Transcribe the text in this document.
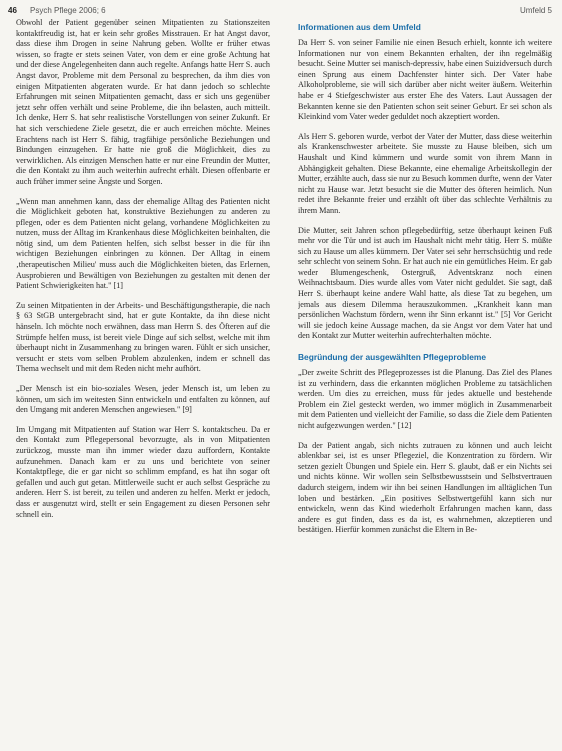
46 Psych Pflege 2006; 6	Umfeld 5

Obwohl der Patient gegenüber seinen Mitpatienten zu Stationszeiten kontaktfreudig ist, hat er kein sehr großes Misstrauen. Er hat Angst davor, dass diese ihm Drogen in seine Nahrung geben. Wollte er früher etwas wissen, so fragte er stets seinen Vater, von dem er eine große Achtung hat und der diese Angelegenheiten dann auch regelte. Anfangs hatte Herr S. auch Angst davor, Probleme mit dem Personal zu besprechen, da ihm dies von einigen Mitpatienten abgeraten wurde. Er hat dann jedoch so schlechte Erfahrungen mit seinen Mitpatienten gemacht, dass er sich uns gegenüber jetzt sehr offen verhält und seine Probleme, die ihn belasten, auch mitteilt. Ich denke, Herr S. hat sehr realistische Vorstellungen von seiner Zukunft. Er hat sich verschiedene Ziele gesetzt, die er auch erreichen möchte. Meines Erachtens nach ist Herr S. fähig, tragfähige persönliche Beziehungen und Bindungen einzugehen. Er hatte nie groß die Möglichkeit, dies zu verwirklichen. Als einzigen Menschen hatte er nur eine Freundin der Mutter, die den Kontakt zu ihm auch weiterhin aufrecht erhält. Diesen offenbarte er auch früher immer seine Ängste und Sorgen.

„Wenn man annehmen kann, dass der ehemalige Alltag des Patienten nicht die Möglichkeit geboten hat, konstruktive Beziehungen zu anderen zu pflegen, oder es dem Patienten nicht gelang, vorhandene Möglichkeiten zu nutzen, muss der Alltag im Krankenhaus diese Möglichkeiten beinhalten, die nötig sind, um dem Patienten helfen, sich selbst besser in die für ihn wichtigen Beziehungen einbringen zu können. Der Alltag in einem ‚therapeutischen Milieu' muss auch die Möglichkeiten bieten, das Erlernen, Ausprobieren und Bewältigen von Beziehungen zu gestalten mit denen der Patient Schwierigkeiten hat." [1]

Zu seinen Mitpatienten in der Arbeits- und Beschäftigungstherapie, die nach § 63 StGB untergebracht sind, hat er gute Kontakte, da ihn diese nicht hänseln. Ich möchte noch erwähnen, dass man Herrn S. des Öfteren auf die Strümpfe helfen muss, ist bereit viele Dinge auf sich selbst, welche mit ihm überhaupt nicht in Zusammenhang zu bringen waren. Fühlt er sich unsicher, versucht er stets vom selben Problem abzulenken, indem er schnell das Thema wechselt und mit dem Reden nicht mehr aufhört.

„Der Mensch ist ein bio-soziales Wesen, jeder Mensch ist, um leben zu können, um sich im weitesten Sinn entwickeln und entfalten zu können, auf den Umgang mit anderen Menschen angewiesen." [9]

Im Umgang mit Mitpatienten auf Station war Herr S. kontaktscheu. Da er den Kontakt zum Pflegepersonal bevorzugte, als in von Mitpatienten zurückzog, musste man ihn immer wieder dazu auffordern, Kontakte aufzunehmen. Danach kam er zu uns und berichtete von seiner Kontaktpflege, die er gar nicht so schlimm empfand, es hat ihn sogar oft gefallen und auch gut getan. Mittlerweile sucht er auch selbst Gespräche zu anderen. Herr S. ist bereit, zu teilen und anderen zu helfen. Merkt er jedoch, dass er ausgenutzt wird, stellt er sein Engagement zu diesen Personen sehr schnell ein.

Informationen aus dem Umfeld

Da Herr S. von seiner Familie nie einen Besuch erhielt, konnte ich weitere Informationen nur von einem Bekannten erhalten, der ihn regelmäßig besucht. Seine Mutter sei manisch-depressiv, habe einen Suizidversuch durch einen Sprung aus einem Dachfenster hinter sich. Der Vater habe Alkoholprobleme, sie will sich darüber aber nicht weiter äußern. Weiterhin habe er 4 Stiefgeschwister aus erster Ehe des Vaters. Laut Aussagen der Bekannten kenne sie den Patienten schon seit seiner Geburt. Er sei schon als Kleinkind vom Vater weder geduldet noch akzeptiert worden.

Als Herr S. geboren wurde, verbot der Vater der Mutter, dass diese weiterhin als Krankenschwester arbeitete. Sie musste zu Hause bleiben, sich um Haushalt und Kind kümmern und wurde somit von ihrem Mann in Abhängigkeit gehalten. Diese Bekannte, eine ehemalige Arbeitskollegin der Mutter, erzählte auch, dass sie nur zu Besuch kommen durfte, wenn der Vater nicht zu Hause war. Jetzt besucht sie die Mutter des öfteren heimlich. Nun redet ihre Bekannte freier und erzählt oft über das schlechte Verhältnis zu ihrem Mann.

Die Mutter, seit Jahren schon pflegebedürftig, setze überhaupt keinen Fuß mehr vor die Tür und ist auch im Haushalt nicht mehr tätig. Herr S. müßte sich zu Hause um alles kümmern. Der Vater sei sehr herrschsüchtig und rede sehr schlecht von seinem Sohn. Er hat auch nie ein gemütliches Heim. Er gab weder Blumengeschenk, Ostergruß, Adventskranz noch einen Weihnachtsbaum. Dies wurde alles vom Vater nicht geduldet. Sie sagt, daß Herr S. überhaupt keine andere Wahl hatte, als diese Tat zu begehen, um jemals aus diesem Dilemma herauszukommen. „Krankheit kann man persönlichen Wachstum fördern, wenn ihr Sinn erkannt ist." [5] Vor Gericht will sie jedoch keine Aussage machen, da sie Angst vor dem Vater hat und den Kontakt zur Mutter weiterhin aufrechterhalten möchte.

Begründung der ausgewählten Pflegeprobleme

„Der zweite Schritt des Pflegeprozesses ist die Planung. Das Ziel des Planes ist zu verhindern, dass die erkannten möglichen Probleme zu tatsächlichen werden. Um dies zu erreichen, muss für jedes aktuelle und bestehende Problem ein Ziel gesteckt werden, wo immer möglich in Zusammenarbeit mit dem Patienten und vielleicht der Familie, so dass die Ziele dem Patienten nicht aufgezwungen werden." [12]

Da der Patient angab, sich nichts zutrauen zu können und auch leicht ablenkbar sei, ist es unser Pflegeziel, die Konzentration zu fördern. Wir setzen gezielt Übungen und Spiele ein. Herr S. glaubt, daß er ein Nichts sei und nichts könne. Wir wollen sein Selbstbewusstsein und Selbstvertrauen dadurch steigern, indem wir ihn bei seinen Handlungen im alltäglichen Tun loben und bestärken. „Ein positives Selbstwertgefühl kann sich nur entwickeln, wenn das Kind wiederholt Erfahrungen machen kann, dass andere es gut finden, dass es da ist, es wahrnehmen, akzeptieren und bestätigen. Hierfür kommen zunächst die Eltern in Be-
